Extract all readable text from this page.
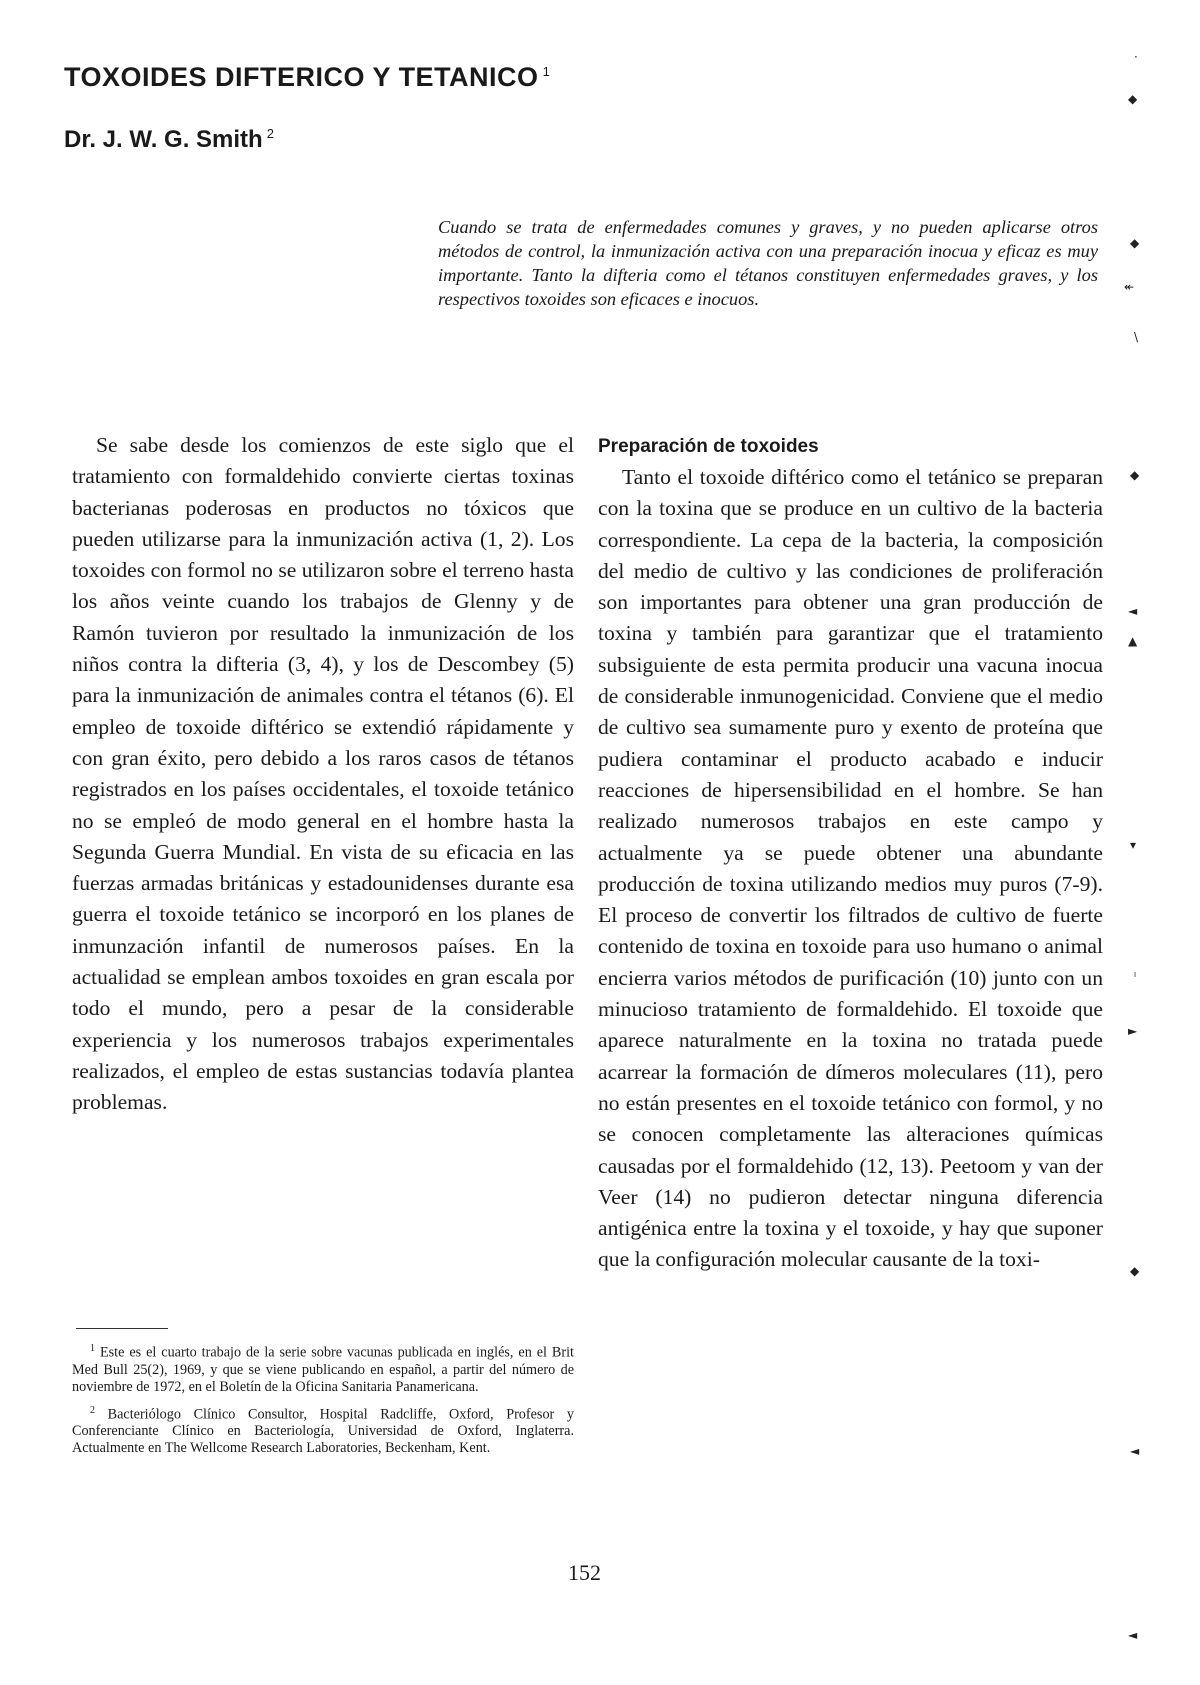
TOXOIDES DIFTERICO Y TETANICO $^1$
Dr. J. W. G. Smith $^2$

Cuando se trata de enfermedades comunes y graves, y no pueden aplicarse otros métodos de control, la inmunización activa con una preparación inocua y eficaz es muy importante. Tanto la difteria como el tétanos constituyen enfermedades graves, y los respectivos toxoides son eficaces e inocuos.

Se sabe desde los comienzos de este siglo que el tratamiento con formaldehido convierte ciertas toxinas bacterianas poderosas en productos no tóxicos que pueden utilizarse para la inmunización activa (1, 2). Los toxoides con formol no se utilizaron sobre el terreno hasta los años veinte cuando los trabajos de Glenny y de Ramón tuvieron por resultado la inmunización de los niños contra la difteria (3, 4), y los de Descombey (5) para la inmunización de animales contra el tétanos (6). El empleo de toxoide diftérico se extendió rápidamente y con gran éxito, pero debido a los raros casos de tétanos registrados en los países occidentales, el toxoide tetánico no se empleó de modo general en el hombre hasta la Segunda Guerra Mundial. En vista de su eficacia en las fuerzas armadas británicas y estadounidenses durante esa guerra el toxoide tetánico se incorporó en los planes de inmunzación infantil de numerosos países. En la actualidad se emplean ambos toxoides en gran escala por todo el mundo, pero a pesar de la considerable experiencia y los numerosos trabajos experimentales realizados, el empleo de estas sustancias todavía plantea problemas.

Preparación de toxoides

Tanto el toxoide diftérico como el tetánico se preparan con la toxina que se produce en un cultivo de la bacteria correspondiente. La cepa de la bacteria, la composición del medio de cultivo y las condiciones de proliferación son importantes para obtener una gran producción de toxina y también para garantizar que el tratamiento subsiguiente de esta permita producir una vacuna inocua de considerable inmunogenicidad. Conviene que el medio de cultivo sea sumamente puro y exento de proteína que pudiera contaminar el producto acabado e inducir reacciones de hipersensibilidad en el hombre. Se han realizado numerosos trabajos en este campo y actualmente ya se puede obtener una abundante producción de toxina utilizando medios muy puros (7-9). El proceso de convertir los filtrados de cultivo de fuerte contenido de toxina en toxoide para uso humano o animal encierra varios métodos de purificación (10) junto con un minucioso tratamiento de formaldehido. El toxoide que aparece naturalmente en la toxina no tratada puede acarrear la formación de dímeros moleculares (11), pero no están presentes en el toxoide tetánico con formol, y no se conocen completamente las alteraciones químicas causadas por el formaldehido (12, 13). Peetoom y van der Veer (14) no pudieron detectar ninguna diferencia antigénica entre la toxina y el toxoide, y hay que suponer que la configuración molecular causante de la toxi-

$^1$ Este es el cuarto trabajo de la serie sobre vacunas publicada en inglés, en el Brit Med Bull 25(2), 1969, y que se viene publicando en español, a partir del número de noviembre de 1972, en el Boletín de la Oficina Sanitaria Panamericana.

$^2$ Bacteriólogo Clínico Consultor, Hospital Radcliffe, Oxford, Profesor y Conferenciante Clínico en Bacteriología, Universidad de Oxford, Inglaterra. Actualmente en The Wellcome Research Laboratories, Beckenham, Kent.

152
·
◆
◆
↞
\
◆
◄
▲
▾
ˡ
►
◆
◄
◄
